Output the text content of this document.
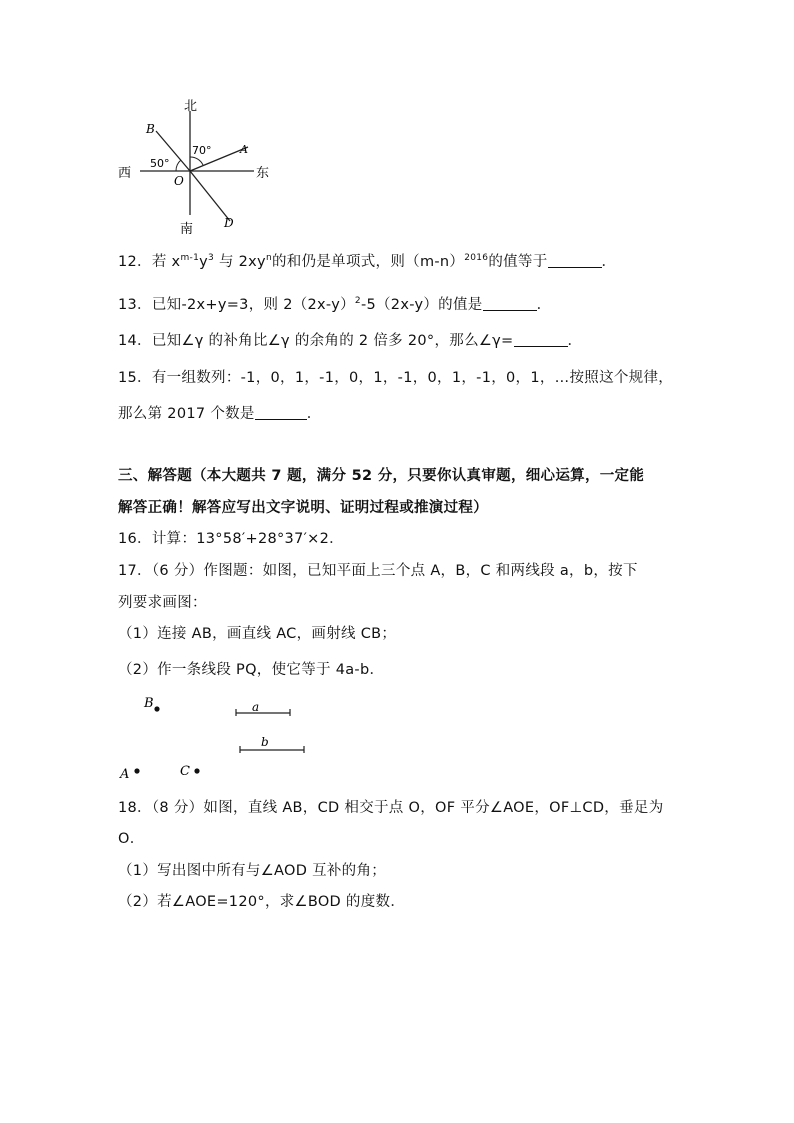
北
南
西	东
B
A
O
D
50°
70°
12．若 $x^{m-1}y^3$ 与 $2xy^n$的和仍是单项式，则$(m-n)^{2016}$的值等于	．
13．已知-2x+y=3，则 $2(2x-y)^2-5(2x-y)$的值是	．
14．已知∠γ 的补角比∠γ 的余角的 2 倍多 20°，那么∠γ=	．
15．有一组数列：-1，0，1，-1，0，1，-1，0，1，-1，0，1，…按照这个规律，
那么第 2017 个数是	．
三、解答题（本大题共 7 题，满分 52 分，只要你认真审题，细心运算，一定能
解答正确！解答应写出文字说明、证明过程或推演过程）
16．计算：13°58′+28°37′×2．
17．（6 分）作图题：如图，已知平面上三个点 A，B，C 和两线段 a，b，按下
列要求画图：
（1）连接 AB，画直线 AC，画射线 CB；
（2）作一条线段 PQ，使它等于 4a-b．
B
A	C
a
b
18．（8 分）如图，直线 AB，CD 相交于点 O，OF 平分∠AOE，OF⊥CD，垂足为
O．
（1）写出图中所有与∠AOD 互补的角；
（2）若∠AOE=120°，求∠BOD 的度数．
